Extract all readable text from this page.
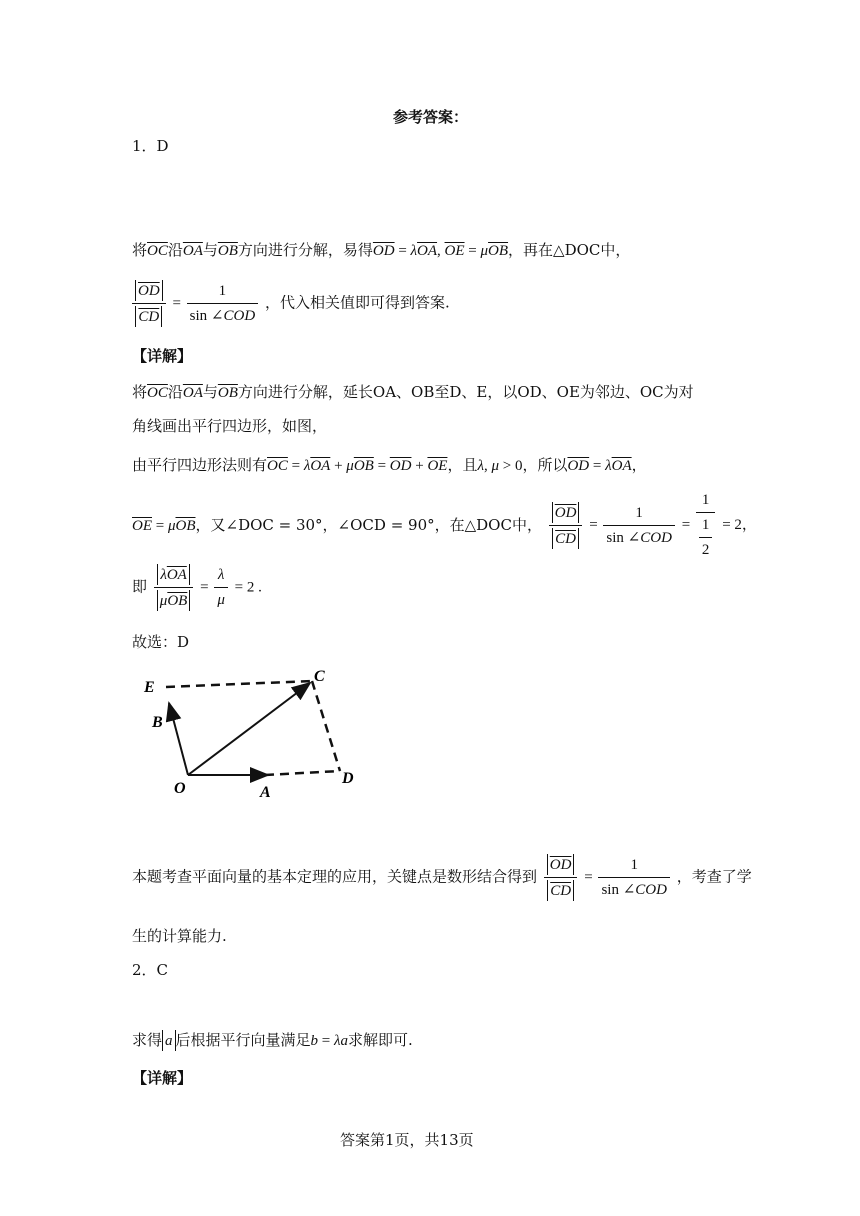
参考答案：
1．D
将$\overline{OC}$沿$\overline{OA}$与$\overline{OB}$方向进行分解，易得$\overline{OD} = \lambda\overline{OA}$, $\overline{OE} = \mu\overline{OB}$，再在△DOC中，
$\frac{\overline{OD}}{CD} = \frac{1}{\text{sin ∠COD}}$ ，代入相关值即可得到答案.
【详解】
将$\overline{OC}$沿$\overline{OA}$与$\overline{OB}$方向进行分解，延长OA、OB至D、E，以OD、OE为邻边、OC为对
角线画出平行四边形，如图，
由平行四边形法则有$\overline{OC} = \lambda\overline{OA} + \mu\overline{OB} = \overline{OD} + \overline{OE}$，且λ, μ > 0，所以$\overline{OD} = \lambda\overline{OA}$，
$\overline{OE} = \mu\overline{OB}$，又∠DOC = 30°，∠OCD = 90°，在△DOC中， $\frac{\overline{OD}}{CD} = \frac{1}{\text{sin ∠COD}} = \frac{1}{\frac{1}{2}} = 2$，
即 $\frac{\lambda\overline{OA}}{\mu\overline{OB}} = \frac{\lambda}{\mu} = 2$ .
故选：D
E
C
B
O	A
D
本题考查平面向量的基本定理的应用，关键点是数形结合得到 $\frac{\overline{OD}}{CD} = \frac{1}{\text{sin ∠COD}}$ ，考查了学
生的计算能力.
2．C
求得 a 后根据平行向量满足b = λa求解即可.
【详解】
答案第1页，共13页
